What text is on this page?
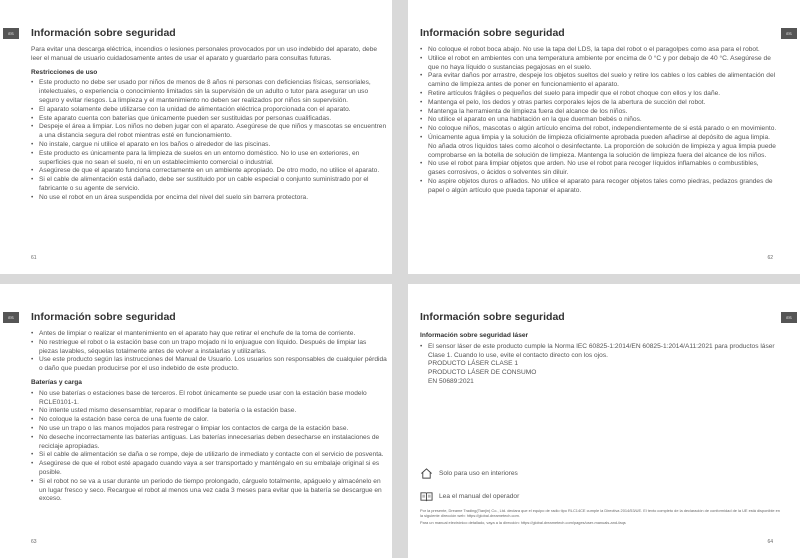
ES	Información sobre seguridad

Para evitar una descarga eléctrica, incendios o lesiones personales provocados por un uso indebido del aparato, debe leer el manual de usuario cuidadosamente antes de usar el aparato y guardarlo para consultas futuras.

Restricciones de uso
• Este producto no debe ser usado por niños de menos de 8 años ni personas con deficiencias físicas, sensoriales, intelectuales, o experiencia o conocimiento limitados sin la supervisión de un adulto o tutor para asegurar un uso seguro y evitar riesgos. La limpieza y el mantenimiento no deben ser realizados por niños sin supervisión.
• El aparato solamente debe utilizarse con la unidad de alimentación eléctrica proporcionada con el aparato.
• Este aparato cuenta con baterías que únicamente pueden ser sustituidas por personas cualificadas.
• Despeje el área a limpiar. Los niños no deben jugar con el aparato. Asegúrese de que niños y mascotas se encuentren a una distancia segura del robot mientras esté en funcionamiento.
• No instale, cargue ni utilice el aparato en los baños o alrededor de las piscinas.
• Este producto es únicamente para la limpieza de suelos en un entorno doméstico. No lo use en exteriores, en superficies que no sean el suelo, ni en un establecimiento comercial o industrial.
• Asegúrese de que el aparato funciona correctamente en un ambiente apropiado. De otro modo, no utilice el aparato.
• Si el cable de alimentación está dañado, debe ser sustituido por un cable especial o conjunto suministrado por el fabricante o su agente de servicio.
• No use el robot en un área suspendida por encima del nivel del suelo sin barrera protectora.
61
ES
Información sobre seguridad
• No coloque el robot boca abajo. No use la tapa del LDS, la tapa del robot o el paragolpes como asa para el robot.
• Utilice el robot en ambientes con una temperatura ambiente por encima de 0 °C y por debajo de 40 °C. Asegúrese de que no haya líquido o sustancias pegajosas en el suelo.
• Para evitar daños por arrastre, despeje los objetos sueltos del suelo y retire los cables o los cables de alimentación del camino de limpieza antes de poner en funcionamiento el aparato.
• Retire artículos frágiles o pequeños del suelo para impedir que el robot choque con ellos y los dañe.
• Mantenga el pelo, los dedos y otras partes corporales lejos de la abertura de succión del robot.
• Mantenga la herramienta de limpieza fuera del alcance de los niños.
• No utilice el aparato en una habitación en la que duerman bebés o niños.
• No coloque niños, mascotas o algún artículo encima del robot, independientemente de si está parado o en movimiento.
• Únicamente agua limpia y la solución de limpieza oficialmente aprobada pueden añadirse al depósito de agua limpia. No añada otros líquidos tales como alcohol o desinfectante. La proporción de solución de limpieza y agua limpia puede comprobarse en la botella de solución de limpieza. Mantenga la solución de limpieza fuera del alcance de los niños.
• No use el robot para limpiar objetos que arden. No use el robot para recoger líquidos inflamables o combustibles, gases corrosivos, o ácidos o solventes sin diluir.
• No aspire objetos duros o afilados. No utilice el aparato para recoger objetos tales como piedras, pedazos grandes de papel o algún artículo que pueda taponar el aparato.
62
ES	Información sobre seguridad
• Antes de limpiar o realizar el mantenimiento en el aparato hay que retirar el enchufe de la toma de corriente.
• No restriegue el robot o la estación base con un trapo mojado ni lo enjuague con líquido. Después de limpiar las piezas lavables, séquelas totalmente antes de volver a instalarlas y utilizarlas.
• Use este producto según las instrucciones del Manual de Usuario. Los usuarios son responsables de cualquier pérdida o daño que puedan producirse por el uso indebido de este producto.
Baterías y carga
• No use baterías o estaciones base de terceros. El robot únicamente se puede usar con la estación base modelo RCLE0101-1.
• No intente usted mismo desensamblar, reparar o modificar la batería o la estación base.
• No coloque la estación base cerca de una fuente de calor.
• No use un trapo o las manos mojados para restregar o limpiar los contactos de carga de la estación base.
• No deseche incorrectamente las baterías antiguas. Las baterías innecesarias deben desecharse en instalaciones de reciclaje apropiadas.
• Si el cable de alimentación se daña o se rompe, deje de utilizarlo de inmediato y contacte con el servicio de posventa.
• Asegúrese de que el robot esté apagado cuando vaya a ser transportado y manténgalo en su embalaje original si es posible.
• Si el robot no se va a usar durante un periodo de tiempo prolongado, cárguelo totalmente, apáguelo y almacénelo en un lugar fresco y seco. Recargue el robot al menos una vez cada 3 meses para evitar que la batería se descargue en exceso.
63
ES
Información sobre seguridad
Información sobre seguridad láser
• El sensor láser de este producto cumple la Norma IEC 60825-1:2014/EN 60825-1:2014/A11:2021 para productos láser Clase 1. Cuando lo use, evite el contacto directo con los ojos.
PRODUCTO LÁSER CLASE 1
PRODUCTO LÁSER DE CONSUMO
EN 50689:2021
Solo para uso en interiores
Lea el manual del operador

Por la presente, Dreame Trading(Tianjin) Co., Ltd. declara que el equipo de radio tipo RLC14CE cumple la Directiva 2014/53/UE. El texto completo de la declaración de conformidad de la UE está disponible en la siguiente dirección web: https://global.dreametech.com.

Para un manual electrónico detallado, vaya a la dirección: https://global.dreametech.com/pages/user-manuals-and-faqs

64
